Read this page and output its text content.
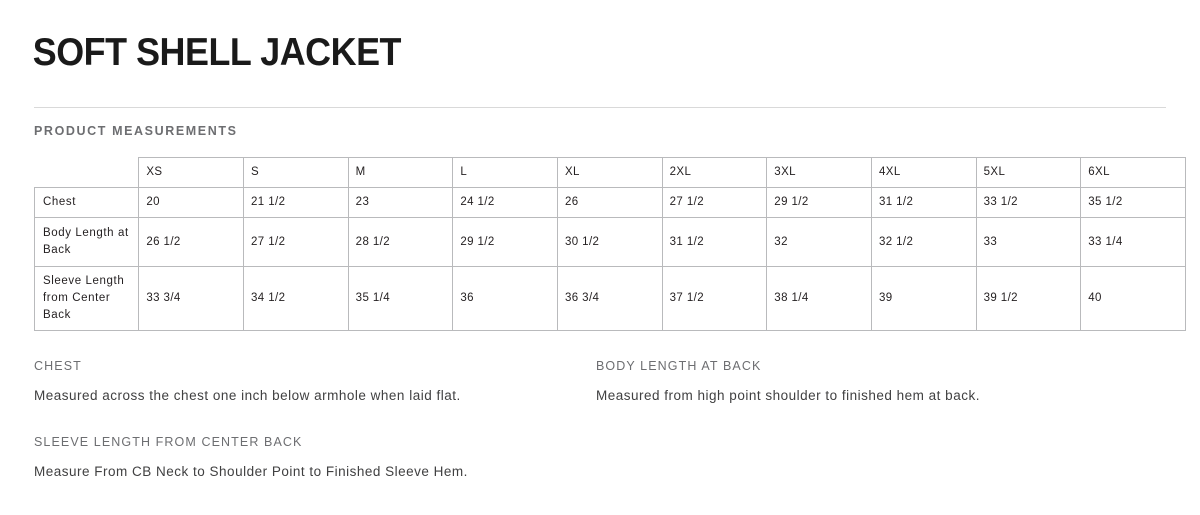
SOFT SHELL JACKET
PRODUCT MEASUREMENTS
	XS	S	M	L	XL	2XL	3XL	4XL	5XL	6XL
Chest	20	21 1/2	23	24 1/2	26	27 1/2	29 1/2	31 1/2	33 1/2	35 1/2
Body Length at Back	26 1/2	27 1/2	28 1/2	29 1/2	30 1/2	31 1/2	32	32 1/2	33	33 1/4
Sleeve Length from Center Back	33 3/4	34 1/2	35 1/4	36	36 3/4	37 1/2	38 1/4	39	39 1/2	40
CHEST

Measured across the chest one inch below armhole when laid flat.

BODY LENGTH AT BACK

Measured from high point shoulder to finished hem at back.

SLEEVE LENGTH FROM CENTER BACK

Measure From CB Neck to Shoulder Point to Finished Sleeve Hem.
